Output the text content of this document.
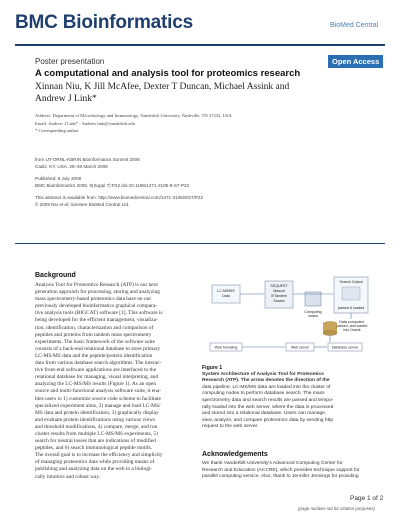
BMC Bioinformatics	BioMed Central
Poster presentation	Open Access
A computational and analysis tool for proteomics research
Xinnan Niu, K Jill McAfee, Dexter T Duncan, Michael Assink and
Andrew J Link*
Address: Department of Microbiology and Immunology, Vanderbilt University, Nashville, TN 37232, USA
Email: Andrew J Link* - Andrew.link@vanderbilt.edu
* Corresponding author
from UT-ORNL-KBRIN Bioinformatics Summit 2008
Cadiz, KY, USA. 28–30 March 2008
Published: 8 July 2008
BMC Bioinformatics 2008, 9(Suppl 7):P22 doi:10.1186/1471-2105-9-S7-P22
This abstract is available from: http://www.biomedcentral.com/1471-2105/9/S7/P22
© 2008 Niu et al; licensee BioMed Central Ltd.
Background
Analysis Tool for Proteomics Research (ATP) is our next
generation approach for processing, storing and analyzing
mass spectrometry-based proteomics data base on our
previously developed bioinformatics graphical compara-
tive analysis tools (BIGCAT) software [1]. This software is
being developed for the efficient management, visualiza-
tion, identification, characterization and comparison of
peptides and proteins from tandem mass spectrometry
experiments. The basic framework of the software suite
consists of a back-end relational database to store primary
LC-MS/MS data and the peptide/protein identification
data from various database search algorithms. The interac-
tive front-end software applications are interfaced to the
relational database for managing, visual interpreting, and
analyzing the LC-MS/MS results (Figure 1). As an open
source and multi-functional analysis software suite, it ena-
bles users to 1) customize source code scheme to facilitate
specialized experiment aims, 2) manage and load LC-MS/
MS data and protein identification, 3) graphically display
and evaluate protein identifications using various views
and threshold modifications, 4) compare, merge, and run
cluster results from multiple LC-MS/MS experiments, 5)
search for neutral losses that are indications of modified
peptides, and 6) search immunological peptide motifs.
The overall goal is to increase the efficiency and simplicity
of managing proteomics data while providing means of
publishing and analyzing data on the web in a biologi-
cally intuitive and robust way.
LC-MS/MS
Data
SEQUEST
Mascot
X!Tandem
Search
Search Output
parsed & loaded
Computing
nodes
Data computed,
parsed, and loaded
into Oracle
Web browsing	Web server	Database server
Figure 1
System Architecture of Analysis Tool for Proteomics
Research (ATP). The arrow denotes the direction of the
data pipeline. LC-MS/MS data are loaded into the cluster of
computing nodes to perform database search. The mass
spectrometry data and search results are parsed and tempo-
rally loaded into the web server, where the data is processed
and stored into a relational database. Users can manage,
view, analyze, and compare proteomics data by sending http
request to the web server.
Acknowledgements
We thank Vanderbilt University's Advanced Computing Center for
Research and Education (ACCRE), which provides technique support for
parallel computing service. Also, thank to Jennifer Jennings for providing
Page 1 of 2
(page number not for citation purposes)
